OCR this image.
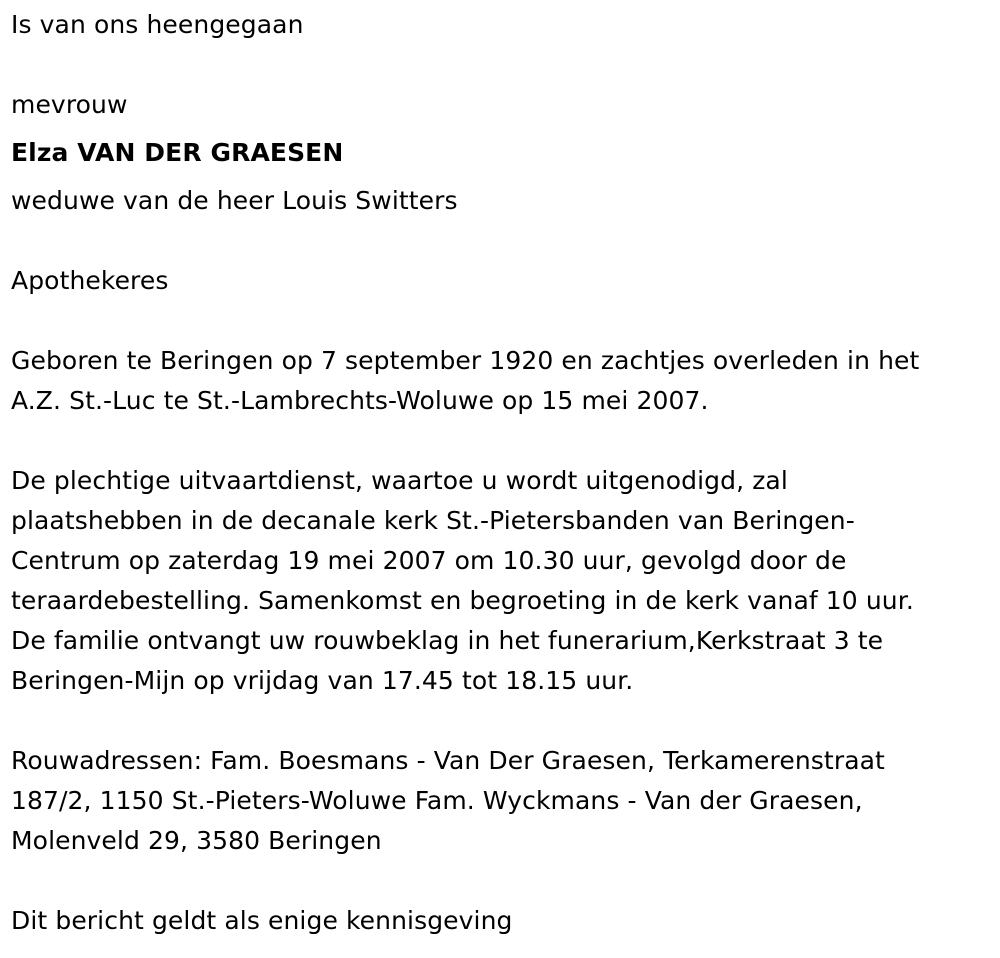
Is van ons heengegaan
mevrouw
Elza VAN DER GRAESEN
weduwe van de heer Louis Switters
Apothekeres
Geboren te Beringen op 7 september 1920 en zachtjes overleden in het
A.Z. St.-Luc te St.-Lambrechts-Woluwe op 15 mei 2007.
De plechtige uitvaartdienst, waartoe u wordt uitgenodigd, zal
plaatshebben in de decanale kerk St.-Pietersbanden van Beringen-
Centrum op zaterdag 19 mei 2007 om 10.30 uur, gevolgd door de
teraardebestelling. Samenkomst en begroeting in de kerk vanaf 10 uur.
De familie ontvangt uw rouwbeklag in het funerarium,Kerkstraat 3 te
Beringen-Mijn op vrijdag van 17.45 tot 18.15 uur.
Rouwadressen: Fam. Boesmans - Van Der Graesen, Terkamerenstraat
187/2, 1150 St.-Pieters-Woluwe Fam. Wyckmans - Van der Graesen,
Molenveld 29, 3580 Beringen
Dit bericht geldt als enige kennisgeving
